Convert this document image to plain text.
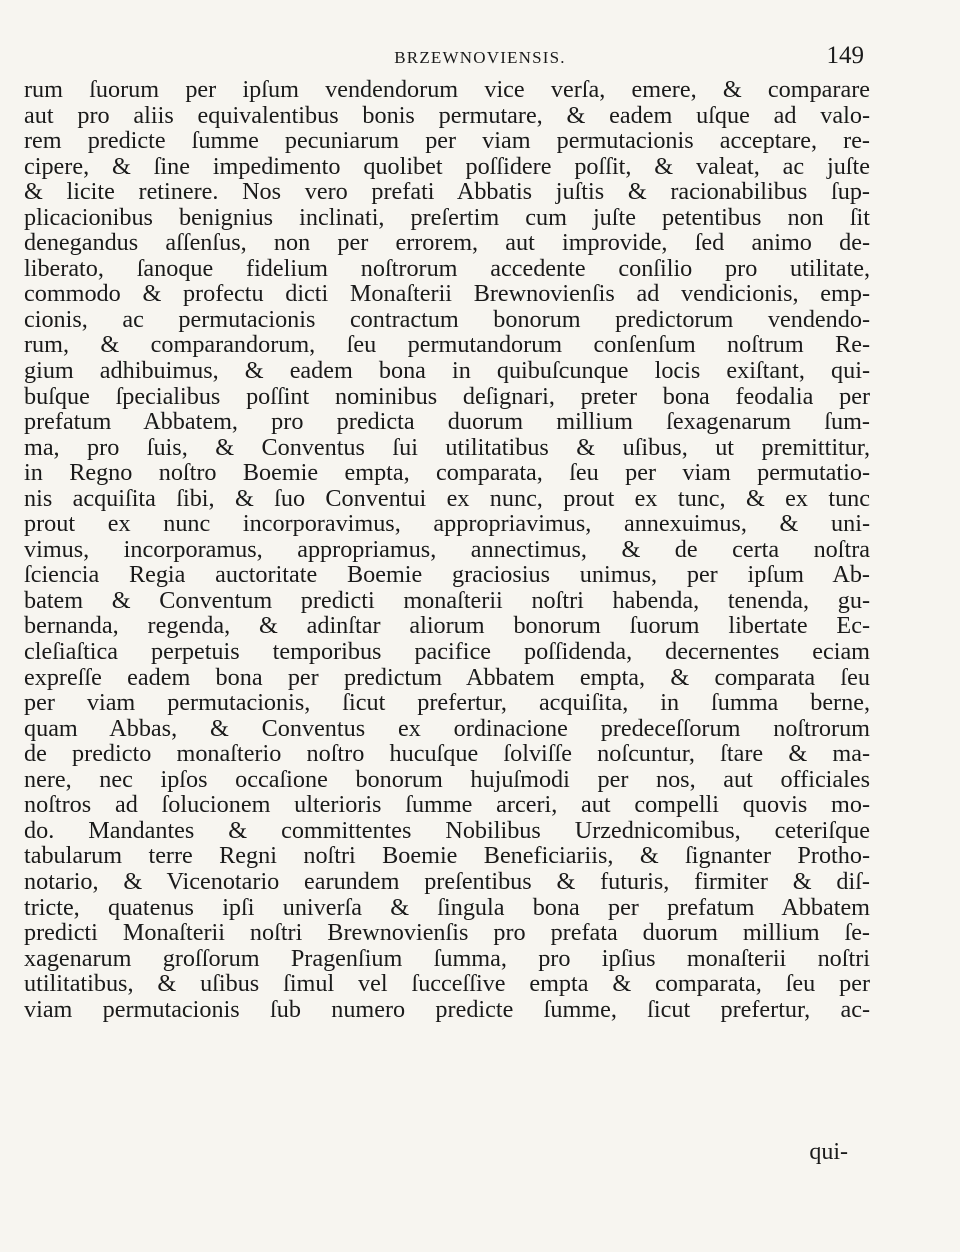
BRZEWNOVIENSIS.	149
rum ſuorum per ipſum vendendorum vice verſa, emere, & comparare
aut pro aliis equivalentibus bonis permutare, & eadem uſque ad valo-
rem predicte ſumme pecuniarum per viam permutacionis acceptare, re-
cipere, & ſine impedimento quolibet poſſidere poſſit, & valeat, ac juſte
& licite retinere. Nos vero prefati Abbatis juſtis & racionabilibus ſup-
plicacionibus benignius inclinati, preſertim cum juſte petentibus non ſit
denegandus aſſenſus, non per errorem, aut improvide, ſed animo de-
liberato, ſanoque fidelium noſtrorum accedente conſilio pro utilitate,
commodo & profectu dicti Monaſterii Brewnovienſis ad vendicionis, emp-
cionis, ac permutacionis contractum bonorum predictorum vendendo-
rum, & comparandorum, ſeu permutandorum conſenſum noſtrum Re-
gium adhibuimus, & eadem bona in quibuſcunque locis exiſtant, qui-
buſque ſpecialibus poſſint nominibus deſignari, preter bona feodalia per
prefatum Abbatem, pro predicta duorum millium ſexagenarum ſum-
ma, pro ſuis, & Conventus ſui utilitatibus & uſibus, ut premittitur,
in Regno noſtro Boemie empta, comparata, ſeu per viam permutatio-
nis acquiſita ſibi, & ſuo Conventui ex nunc, prout ex tunc, & ex tunc
prout ex nunc incorporavimus, appropriavimus, annexuimus, & uni-
vimus, incorporamus, appropriamus, annectimus, & de certa noſtra
ſciencia Regia auctoritate Boemie graciosius unimus, per ipſum Ab-
batem & Conventum predicti monaſterii noſtri habenda, tenenda, gu-
bernanda, regenda, & adinſtar aliorum bonorum ſuorum libertate Ec-
cleſiaſtica perpetuis temporibus pacifice poſſidenda, decernentes eciam
expreſſe eadem bona per predictum Abbatem empta, & comparata ſeu
per viam permutacionis, ſicut prefertur, acquiſita, in ſumma berne,
quam Abbas, & Conventus ex ordinacione predeceſſorum noſtrorum
de predicto monaſterio noſtro hucuſque ſolviſſe noſcuntur, ſtare & ma-
nere, nec ipſos occaſione bonorum hujuſmodi per nos, aut officiales
noſtros ad ſolucionem ulterioris ſumme arceri, aut compelli quovis mo-
do. Mandantes & committentes Nobilibus Urzednicomibus, ceteriſque
tabularum terre Regni noſtri Boemie Beneficiariis, & ſignanter Protho-
notario, & Vicenotario earundem preſentibus & futuris, firmiter & diſ-
tricte, quatenus ipſi univerſa & ſingula bona per prefatum Abbatem
predicti Monaſterii noſtri Brewnovienſis pro prefata duorum millium ſe-
xagenarum groſſorum Pragenſium ſumma, pro ipſius monaſterii noſtri
utilitatibus, & uſibus ſimul vel ſucceſſive empta & comparata, ſeu per
viam permutacionis ſub numero predicte ſumme, ſicut prefertur, ac-
qui-
